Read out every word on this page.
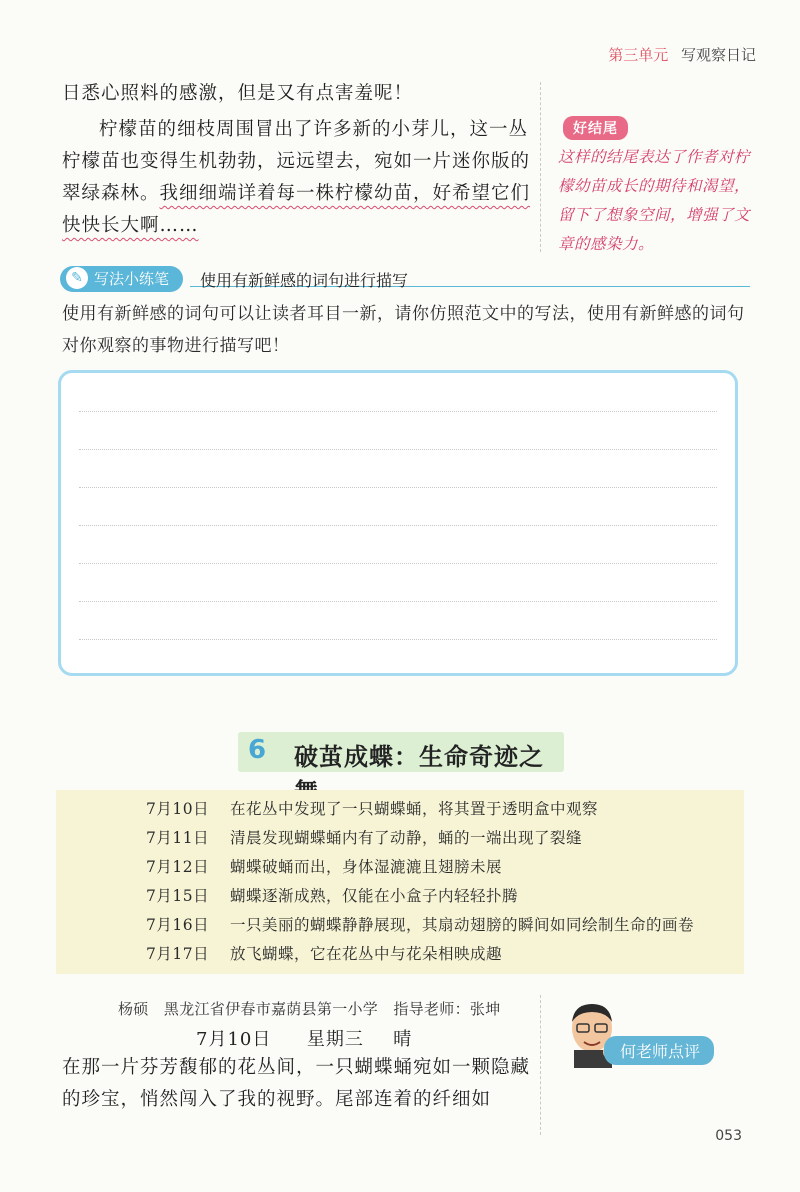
第三单元 写观察日记
日悉心照料的感激，但是又有点害羞呢！
柠檬苗的细枝周围冒出了许多新的小芽儿，这一丛柠檬苗也变得生机勃勃，远远望去，宛如一片迷你版的翠绿森林。我细细端详着每一株柠檬幼苗，好希望它们快快长大啊……
好结尾
这样的结尾表达了作者对柠檬幼苗成长的期待和渴望，留下了想象空间，增强了文章的感染力。
✎ 写法小练笔	使用有新鲜感的词句进行描写
使用有新鲜感的词句可以让读者耳目一新，请你仿照范文中的写法，使用有新鲜感的词句对你观察的事物进行描写吧！
6 破茧成蝶：生命奇迹之
7月10日 在花丛中发现了一只蝴蝶蛹，将其置于透明盒中观察
7月11日 清晨发现蝴蝶蛹内有了动静，蛹的一端出现了裂缝
7月12日 蝴蝶破蛹而出，身体湿漉漉且翅膀未展
7月15日 蝴蝶逐渐成熟，仅能在小盒子内轻轻扑腾
7月16日 一只美丽的蝴蝶静静展现，其扇动翅膀的瞬间如同绘制生命的画卷
7月17日 放飞蝴蝶，它在花丛中与花朵相映成趣
杨硕　黑龙江省伊春市嘉荫县第一小学　指导老师：张坤
7月10日 星期三 晴
在那一片芬芳馥郁的花丛间，一只蝴蝶蛹宛如一颗隐藏的珍宝，悄然闯入了我的视野。尾部连着的纤细如
何老师点评
053
